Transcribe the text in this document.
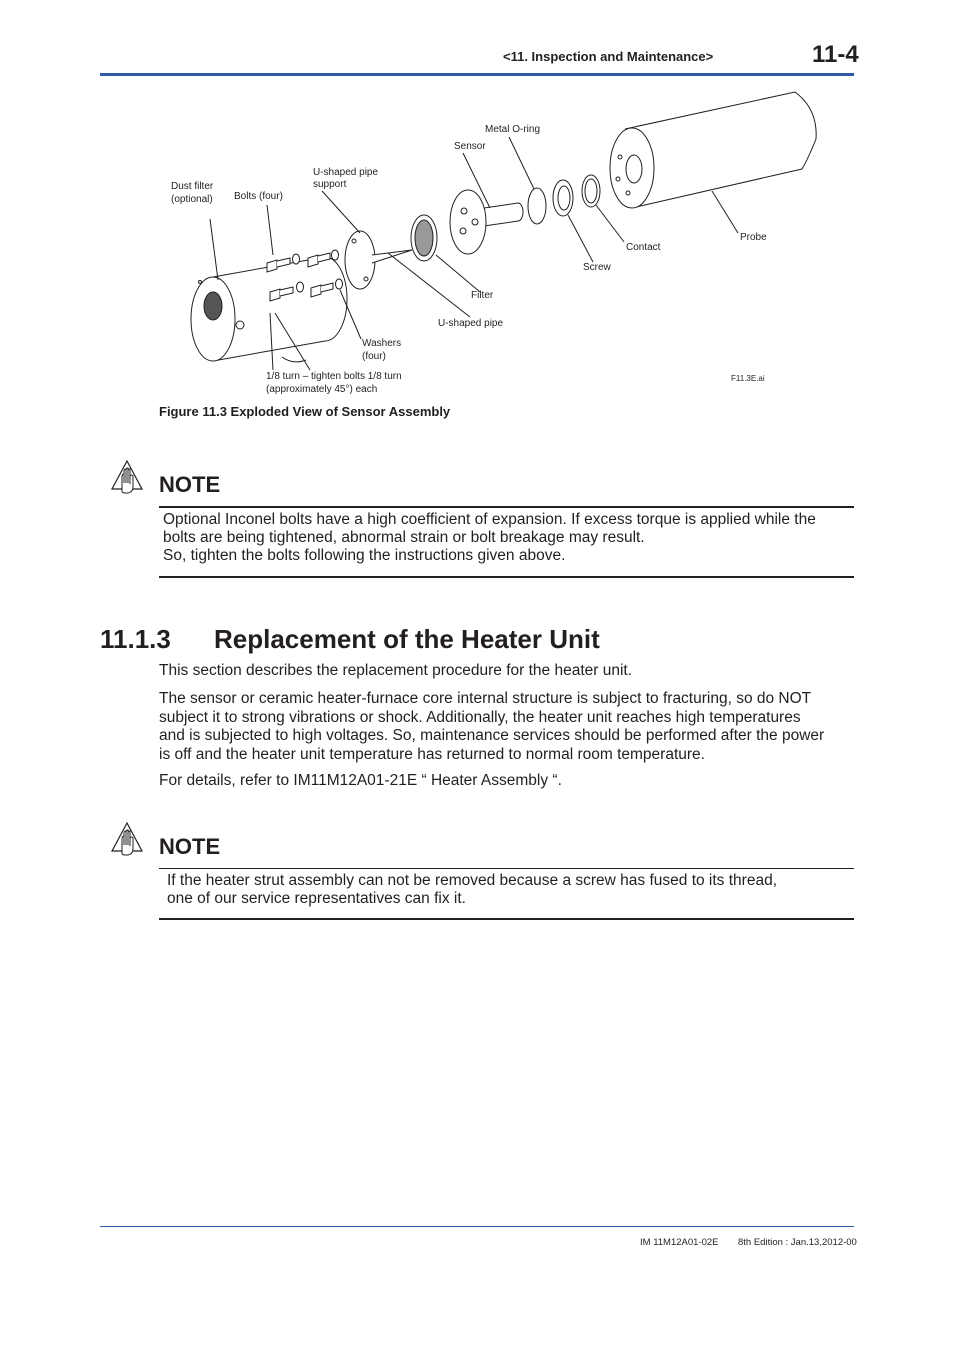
<11. Inspection and Maintenance>	11-4
Dust filter (optional) Bolts (four)
U-shaped pipe support
Sensor
Metal O-ring
Filter
U-shaped pipe
Screw
Contact
Probe
Washers (four)
1/8 turn – tighten bolts 1/8 turn (approximately 45°) each
F11.3E.ai
Figure 11.3 Exploded View of Sensor Assembly
NOTE
Optional Inconel bolts have a high coefficient of expansion. If excess torque is applied while the
bolts are being tightened, abnormal strain or bolt breakage may result.
So, tighten the bolts following the instructions given above.
11.1.3 Replacement of the Heater Unit
This section describes the replacement procedure for the heater unit.
The sensor or ceramic heater-furnace core internal structure is subject to fracturing, so do NOT
subject it to strong vibrations or shock. Additionally, the heater unit reaches high temperatures
and is subjected to high voltages. So, maintenance services should be performed after the power
is off and the heater unit temperature has returned to normal room temperature.
For details, refer to IM11M12A01-21E “ Heater Assembly “.
NOTE
If the heater strut assembly can not be removed because a screw has fused to its thread,
one of our service representatives can fix it.
IM 11M12A01-02E 8th Edition : Jan.13,2012-00
